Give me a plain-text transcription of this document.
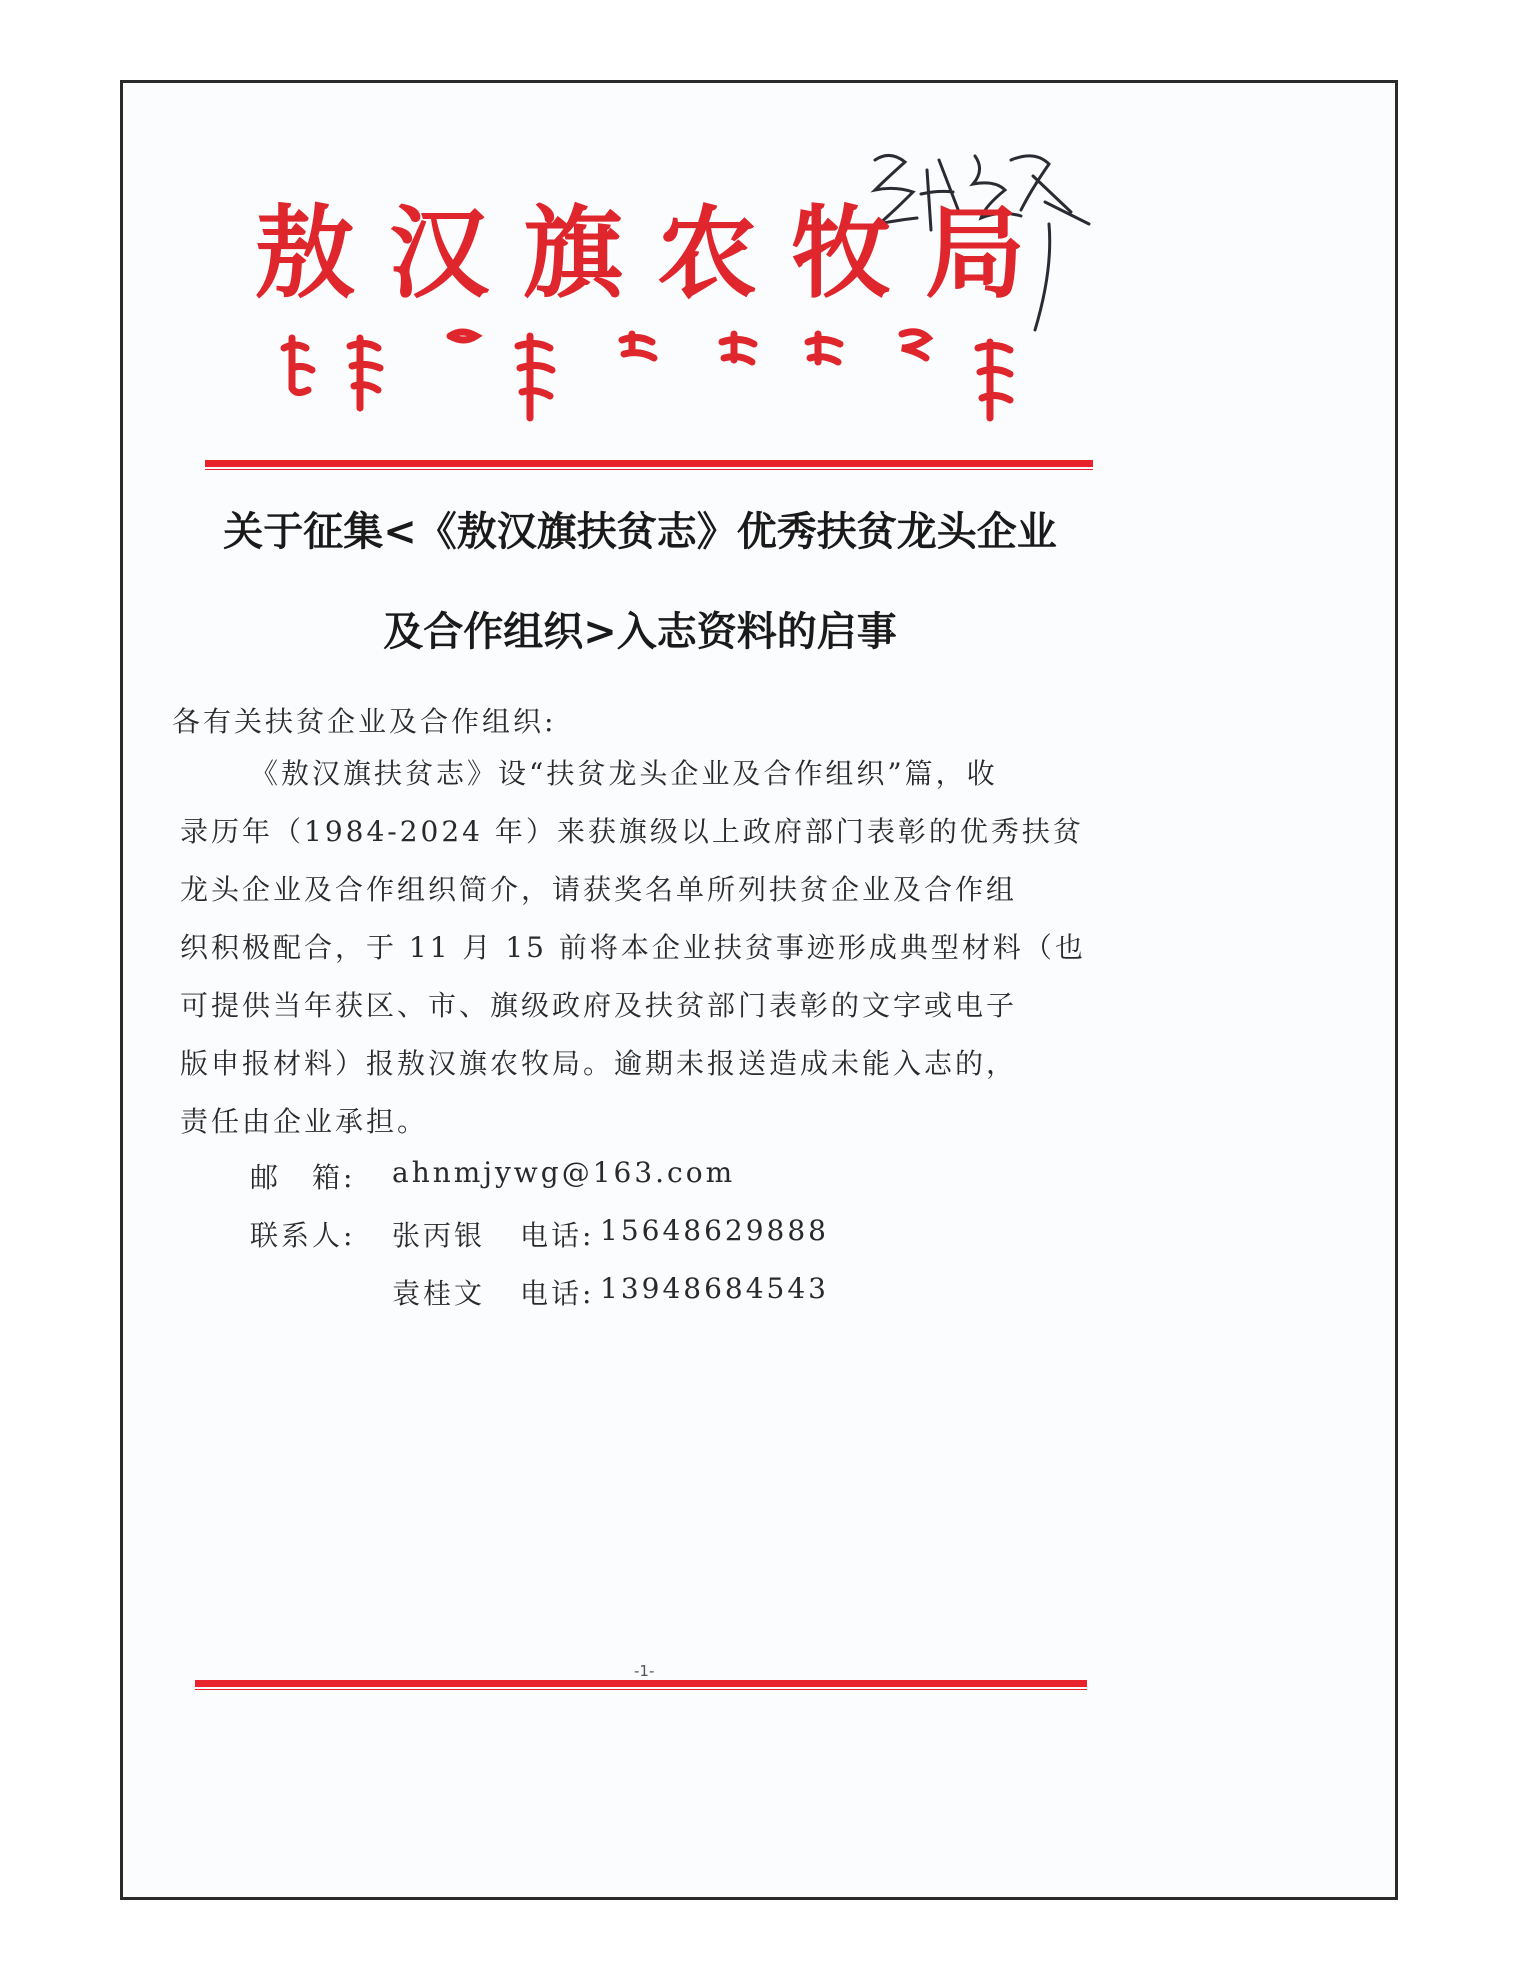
敖汉旗农牧局
关于征集<《敖汉旗扶贫志》优秀扶贫龙头企业
及合作组织>入志资料的启事
各有关扶贫企业及合作组织:
《敖汉旗扶贫志》设“扶贫龙头企业及合作组织”篇，收
录历年（1984-2024 年）来获旗级以上政府部门表彰的优秀扶贫
龙头企业及合作组织简介，请获奖名单所列扶贫企业及合作组
织积极配合，于 11 月 15 前将本企业扶贫事迹形成典型材料（也
可提供当年获区、市、旗级政府及扶贫部门表彰的文字或电子
版申报材料）报敖汉旗农牧局。逾期未报送造成未能入志的，
责任由企业承担。
邮　箱: ahnmjywg@163.com
联系人: 张丙银 电话: 15648629888
袁桂文 电话: 13948684543
-1-
